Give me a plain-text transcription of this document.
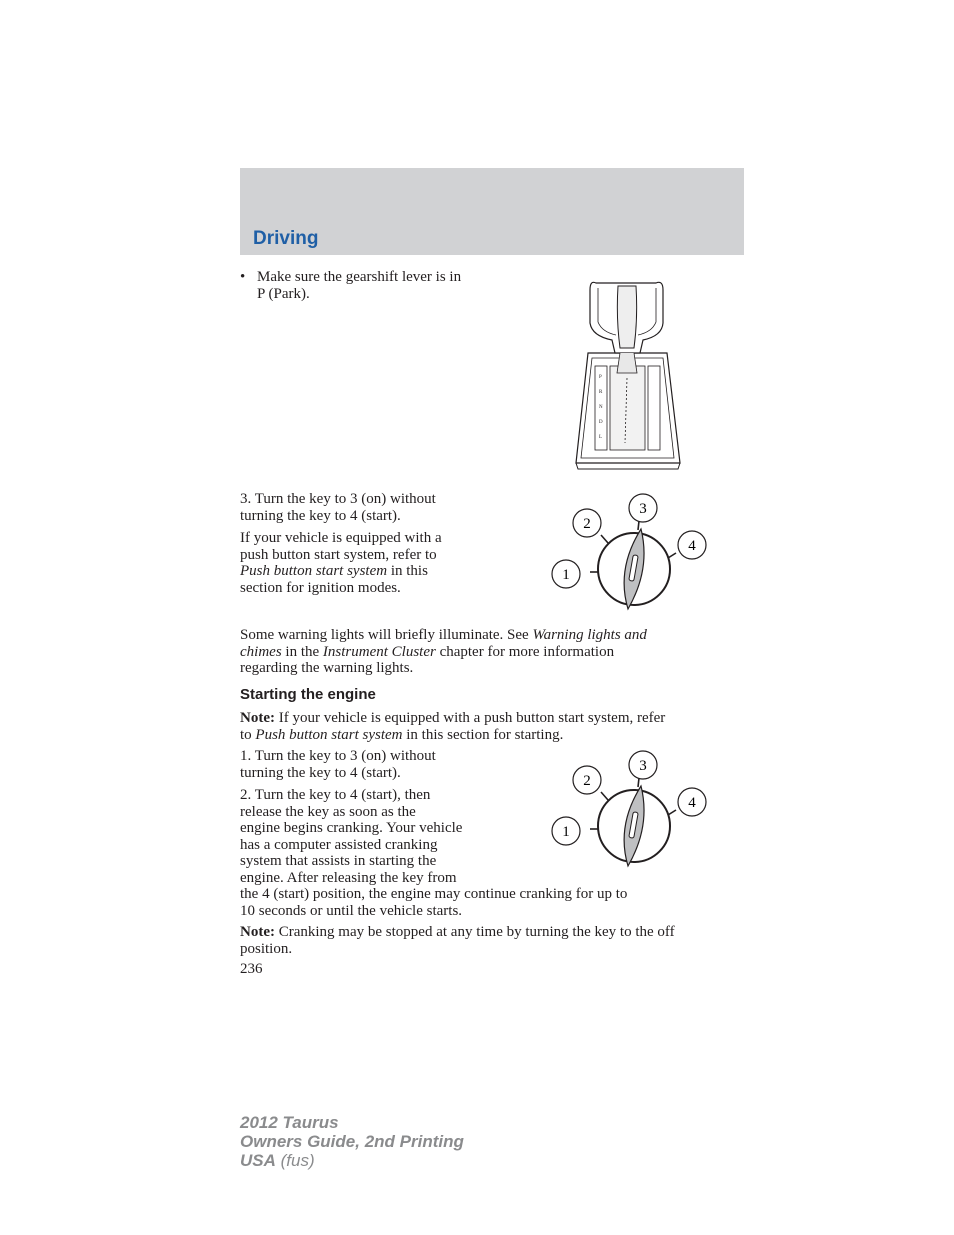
Driving
• Make sure the gearshift lever is in
P (Park).
P
R
N
D
L
3. Turn the key to 3 (on) without
turning the key to 4 (start).
If your vehicle is equipped with a
push button start system, refer to
Push button start system in this
section for ignition modes.
1
2
3
4
Some warning lights will briefly illuminate. See Warning lights and
chimes in the Instrument Cluster chapter for more information
regarding the warning lights.
Starting the engine
Note: If your vehicle is equipped with a push button start system, refer
to Push button start system in this section for starting.
1. Turn the key to 3 (on) without
turning the key to 4 (start).
2. Turn the key to 4 (start), then
release the key as soon as the
engine begins cranking. Your vehicle
has a computer assisted cranking
system that assists in starting the
engine. After releasing the key from
the 4 (start) position, the engine may continue cranking for up to
10 seconds or until the vehicle starts.
1
2
3
4
Note: Cranking may be stopped at any time by turning the key to the off
position.
236
2012 Taurus
Owners Guide, 2nd Printing
USA (fus)
